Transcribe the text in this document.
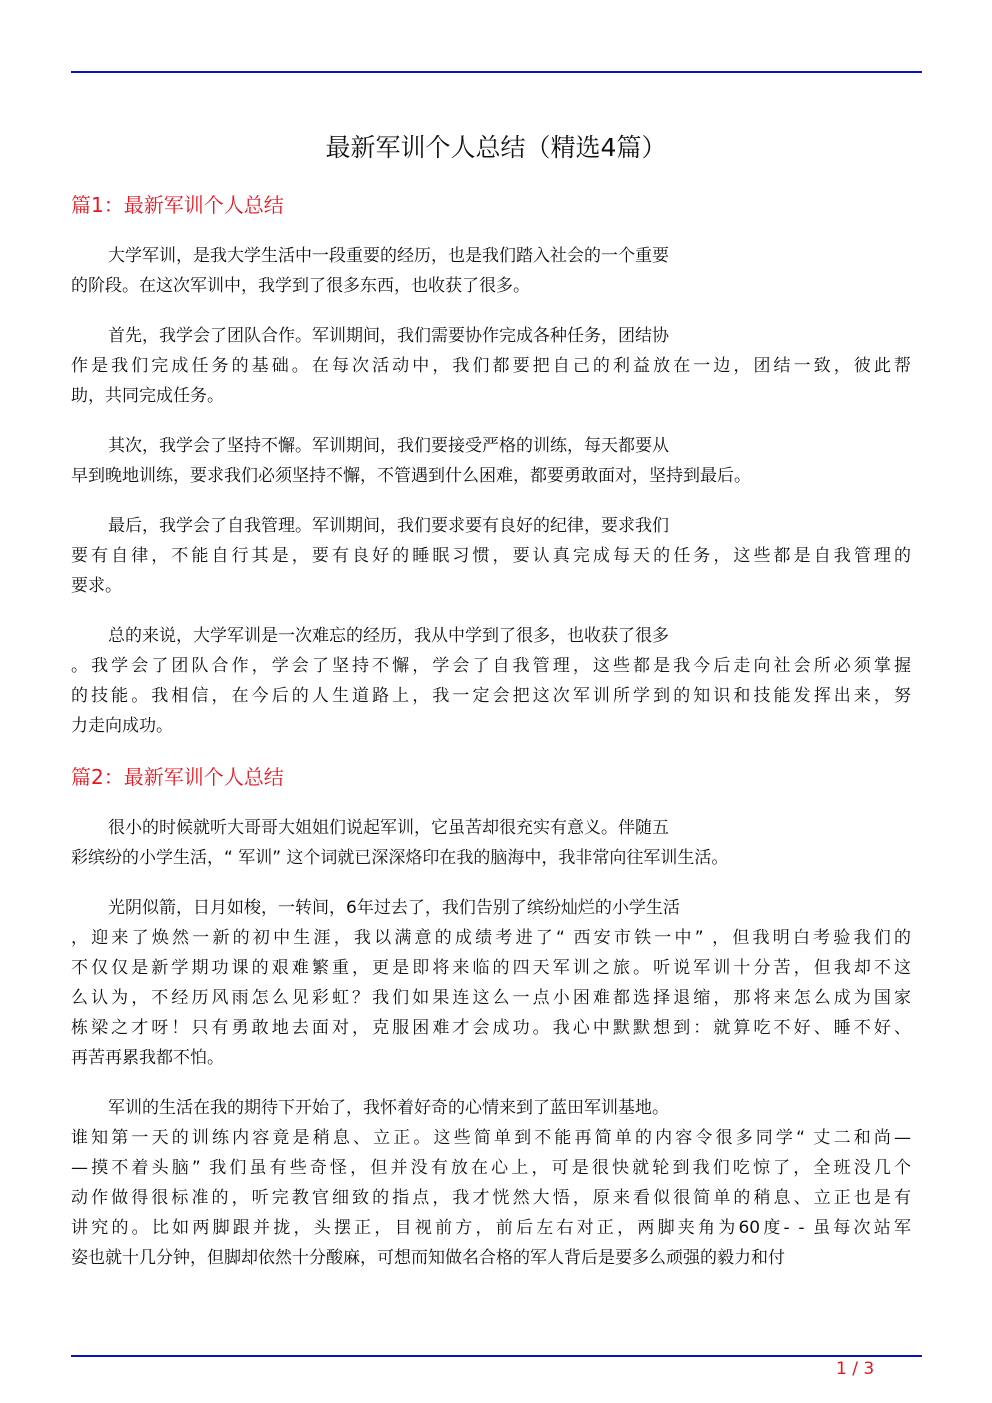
最新军训个人总结（精选4篇）
篇1：最新军训个人总结
大学军训，是我大学生活中一段重要的经历，也是我们踏入社会的一个重要
的阶段。在这次军训中，我学到了很多东西，也收获了很多。
首先，我学会了团队合作。军训期间，我们需要协作完成各种任务，团结协
作是我们完成任务的基础。在每次活动中，我们都要把自己的利益放在一边，团结一致，彼此帮
助，共同完成任务。
其次，我学会了坚持不懈。军训期间，我们要接受严格的训练，每天都要从
早到晚地训练，要求我们必须坚持不懈，不管遇到什么困难，都要勇敢面对，坚持到最后。
最后，我学会了自我管理。军训期间，我们要求要有良好的纪律，要求我们
要有自律，不能自行其是，要有良好的睡眠习惯，要认真完成每天的任务，这些都是自我管理的
要求。
总的来说，大学军训是一次难忘的经历，我从中学到了很多，也收获了很多
。我学会了团队合作，学会了坚持不懈，学会了自我管理，这些都是我今后走向社会所必须掌握
的技能。我相信，在今后的人生道路上，我一定会把这次军训所学到的知识和技能发挥出来，努
力走向成功。
篇2：最新军训个人总结
很小的时候就听大哥哥大姐姐们说起军训，它虽苦却很充实有意义。伴随五
彩缤纷的小学生活，“ 军训” 这个词就已深深烙印在我的脑海中，我非常向往军训生活。
光阴似箭，日月如梭，一转间，6年过去了，我们告别了缤纷灿烂的小学生活
，迎来了焕然一新的初中生涯，我以满意的成绩考进了“ 西安市铁一中” ，但我明白考验我们的
不仅仅是新学期功课的艰难繁重，更是即将来临的四天军训之旅。听说军训十分苦，但我却不这
么认为，不经历风雨怎么见彩虹？我们如果连这么一点小困难都选择退缩，那将来怎么成为国家
栋梁之才呀！只有勇敢地去面对，克服困难才会成功。我心中默默想到：就算吃不好、睡不好、
再苦再累我都不怕。
军训的生活在我的期待下开始了，我怀着好奇的心情来到了蓝田军训基地。
谁知第一天的训练内容竟是稍息、立正。这些简单到不能再简单的内容令很多同学“ 丈二和尚—
—摸不着头脑” 我们虽有些奇怪，但并没有放在心上，可是很快就轮到我们吃惊了，全班没几个
动作做得很标准的，听完教官细致的指点，我才恍然大悟，原来看似很简单的稍息、立正也是有
讲究的。比如两脚跟并拢，头摆正，目视前方，前后左右对正，两脚夹角为60度- - 虽每次站军
姿也就十几分钟，但脚却依然十分酸麻，可想而知做名合格的军人背后是要多么顽强的毅力和付
1 / 3
